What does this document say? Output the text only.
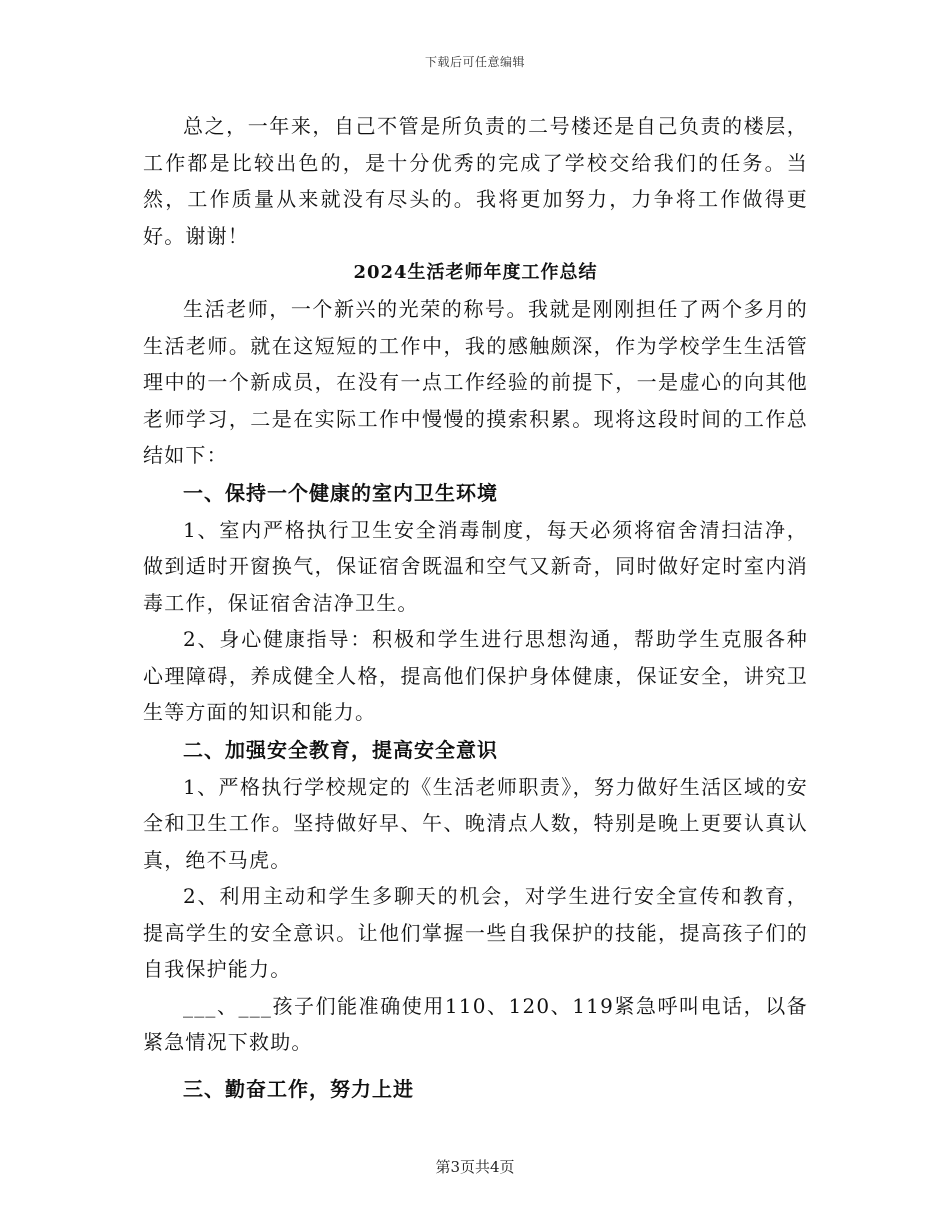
下载后可任意编辑

总之，一年来，自己不管是所负责的二号楼还是自己负责的楼层，工作都是比较出色的，是十分优秀的完成了学校交给我们的任务。当然，工作质量从来就没有尽头的。我将更加努力，力争将工作做得更好。谢谢！

2024生活老师年度工作总结

生活老师，一个新兴的光荣的称号。我就是刚刚担任了两个多月的生活老师。就在这短短的工作中，我的感触颇深，作为学校学生生活管理中的一个新成员，在没有一点工作经验的前提下，一是虚心的向其他老师学习，二是在实际工作中慢慢的摸索积累。现将这段时间的工作总结如下：

一、保持一个健康的室内卫生环境

1、室内严格执行卫生安全消毒制度，每天必须将宿舍清扫洁净，做到适时开窗换气，保证宿舍既温和空气又新奇，同时做好定时室内消毒工作，保证宿舍洁净卫生。

2、身心健康指导：积极和学生进行思想沟通，帮助学生克服各种心理障碍，养成健全人格，提高他们保护身体健康，保证安全，讲究卫生等方面的知识和能力。

二、加强安全教育，提高安全意识

1、严格执行学校规定的《生活老师职责》，努力做好生活区域的安全和卫生工作。坚持做好早、午、晚清点人数，特别是晚上更要认真认真，绝不马虎。

2、利用主动和学生多聊天的机会，对学生进行安全宣传和教育，提高学生的安全意识。让他们掌握一些自我保护的技能，提高孩子们的自我保护能力。

___、___孩子们能准确使用110、120、119紧急呼叫电话，以备紧急情况下救助。

三、勤奋工作，努力上进
第3页共4页
